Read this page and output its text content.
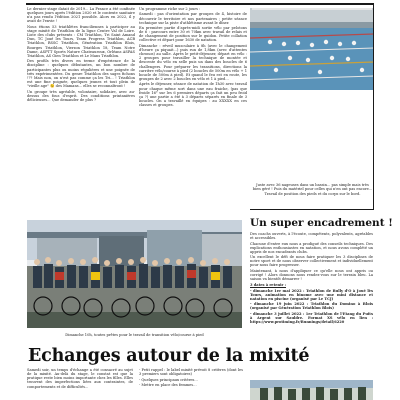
Le dernier stage datait de 2019... La France a été confinée quelques jours après l'édition 2020 et le contexte sanitaire n'a pas rendu l'édition 2021 possible. Alors en 2022, il y avait de l'envie !

Nous étions 53 triathlètes franciliennes à participer au stage mixité de Triathlon de la ligue Centre Val de Loire. Liste des clubs présents : CM Triathlon, Tri Saint Amand Dun, TC Joué les Tours, Team Progress Triathlon, ACB Triathlon, RSSC Triathlon, Génération Triathlon Blois, Bourges Triathlon, Vierzon Triathlon 18, Team Notre Dame, ASPTT Sports Nature Chateauroux, Orléans ASPAS Triathlon, AS Gien Triathlon et Le Mans Triathlon.

Des profils très divers en terme d'expérience de la discipline : quelques débutantes, un bon nombre de participantes plus ou moins régulières et une poignée de très expérimentées. Du genre Triathlon des sages fichons !?? Mais non, on n'est pas comme ça les Tri... ! Triathlon est une fine poignée, quelques jeunes et tout plein de "vieille age" 😉 des Mamans... elles se reconnaîtront !

Un groupe très agréable, volontaire, solidaire, avec au-dessus des fous d'esprit. Des conditions printanières délicieuses... Que demander de plus ?

Un programme riche sur 2 jours :

Samedi : pas d'orientation par groupes de 4, histoire de découvrir le territoire et nos partenaires ; petite séance technique sur la piste d'athlétisme avant le dîner.

En première partie d'après-midi sortie vélo par pelotons de 6 : parcours entre 30 et 70km avec travail de relais et de changement de position sur le guidon. Petite collation collective et départ pour 1630 de natation.

Dimanche : réveil musculaire à 8h (avec le changement d'heure ça piquait...) puis run de 1,8km (avec d'attentes chronos) au salle. Après le petit-déjeuner, départ en vélo : 2 groupes pour travailler la technique de montée et descente du vélo en selle puis un dans des boucles de 6 challengers. Pour préparer les transitions, directions la carrière vélo/course à pied (2 boucles de 500m en vélo + 1 boucle de 500m à pied). Et quand le feu est en route, les groupes de 2 avec 2 boucles en vélo et 1 à pied...

Après le déjeuner, séance de natation de 1h30 avec travail pour chaque même sort dans une eau fraiche, (pas que froide 16° sur les 6 premiers départs ça fait un peu froid ça ?) une partie a été à 3 départs séparés en finale de 3 boucles. On a travaillé en équipes : au XXXXX en ces classes et groupes.

Juste avec 36 nageuses dans un bassin... pas simple mais très bien géré ! Puis du matériel pour celles qui n'en ont pas encore... Travail de position des pieds et du corps sur le bord.
Dimanche 10h, toutes prêtes pour le travail de transition vélo/course à pied
Echanges autour de la mixité

Samedi soir, un temps d'échange a été consacré au sujet de la mixité. Au-delà du stage, le constat est que la pratique reste bien moins importante chez les filles. Elles trouvent des imperfections liées aux contraintes, de comportements et de difficultés...

- Petit rappel : le label mixité prévoit 8 critères (dont les 3 premiers sont obligatoires)

- Quelques principaux critères...

- Mettre en place des femmes...

Un super encadrement !

Des coachs ouverts, à l'écoute, compétents, polyvalents, agréables et accessibles.

Chacune d'entre eux nous a prodigué des conseils techniques. Des explications enthousiastes en natation, et nous avons complété un appris de nos encadrants clubs.

Un excellent le défi de nous faire pratiquer les 3 disciplines de notre sport et de nous observer collectivement et individuellement pour nous faire progresser.

Maintenant, à nous d'appliquer ce qu'elle nous ont appris ou corrigé ! Alors donnons nous rendez-vous sur le terrain bleu. La saison va bientôt démarrer !

3 dates à retenir :

- dimanche 1er mai 2022 : Triathlon de Bully d'O à Joué lès Tours, animation en binome avec une mini distance et natation en piscine (organisé par Le TCJ)

- dimanche 19 juin 2022 : Triathlon du Domino à Blois (organisé par Génération Triathlon Blois)

- dimanche 3 juillet 2022 : 1er Triathlon de l'Etang du Puits à Argent sur Sauldre. Format XS vélo en lien : https://www.protiming.fr/Runnings/detail/6220
